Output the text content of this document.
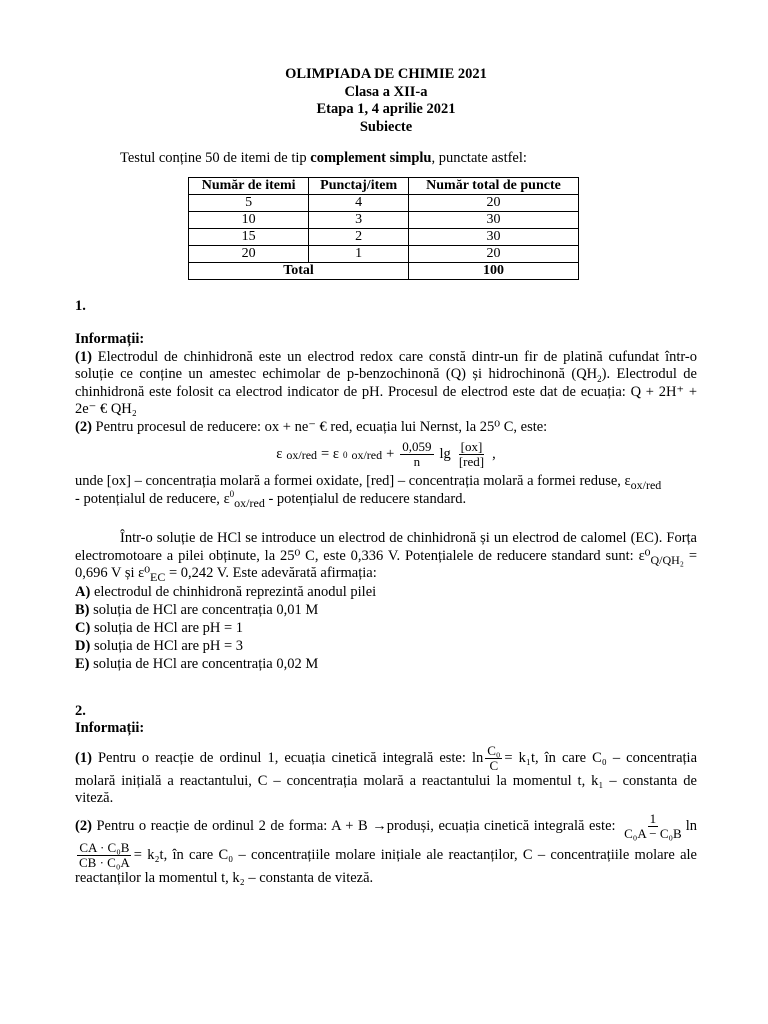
OLIMPIADA DE CHIMIE 2021
Clasa a XII-a
Etapa 1, 4 aprilie 2021
Subiecte
Testul conține 50 de itemi de tip complement simplu, punctate astfel:
Număr de itemi	Punctaj/item	Număr total de puncte
5	4	20
10	3	30
15	2	30
20	1	20
Total		100
1.
Informații:
(1) Electrodul de chinhidronă este un electrod redox care constă dintr-un fir de platină cufundat într-o soluție ce conține un amestec echimolar de p-benzochinonă (Q) și hidrochinonă $(QH_2)$. Electrodul de chinhidronă este folosit ca electrod indicator de pH. Procesul de electrod este dat de ecuația: Q + 2H⁺ + 2e⁻ € QH₂
(2) Pentru procesul de reducere: ox + ne⁻ € red, ecuația lui Nernst, la 25⁰ C, este:
ε ox/red = ε 0 $ox/red + \frac{0,059}{n}$ $\lg \frac{[ox]}{\text{[red]}}$ ,
unde [ox] – concentrația molară a formei oxidate, [red] – concentrația molară a formei reduse, $\varepsilon_{ox/red}$
- potențialul de reducere, $\varepsilon^0_{ox/red}$ - potențialul de reducere standard.
Într-o soluție de HCl se introduce un electrod de chinhidronă și un electrod de calomel (EC). Forța electromotoare a pilei obținute, la 25⁰ C, este 0,336 V. Potențialele de reducere standard sunt: $\varepsilon^0_{Q/QH_2} = 0,696$ V și $\varepsilon^0_{EC} = 0,242$ V. Este adevărată afirmația:
A) electrodul de chinhidronă reprezintă anodul pilei
B) soluția de HCl are concentrația 0,01 M
C) soluția de HCl are pH = 1
D) soluția de HCl are pH = 3
E) soluția de HCl are concentrația 0,02 M
2.
Informații:
(1) Pentru o reacție de ordinul 1, ecuația cinetică integrală este: $\ln \frac{\text{C₀}}{C} = k_1t$, în care C₀ – concentrația molară inițială a reactantului, C – concentrația molară a reactantului la momentul t, k₁ – constanta de viteză.
(2) Pentru o reacție de ordinul 2 de forma: A + B →produși, ecuația cinetică integrală este: $\frac{1}{\text{C₀A − C₀B}}$ ln
$\frac{\text{CA · C₀B}}{\text{CB · C₀A}} = k_2t$, în care C₀ – concentrațiile molare inițiale ale reactanților, C – concentrațiile molare ale reactanților la momentul t, k₂ – constanta de viteză.
